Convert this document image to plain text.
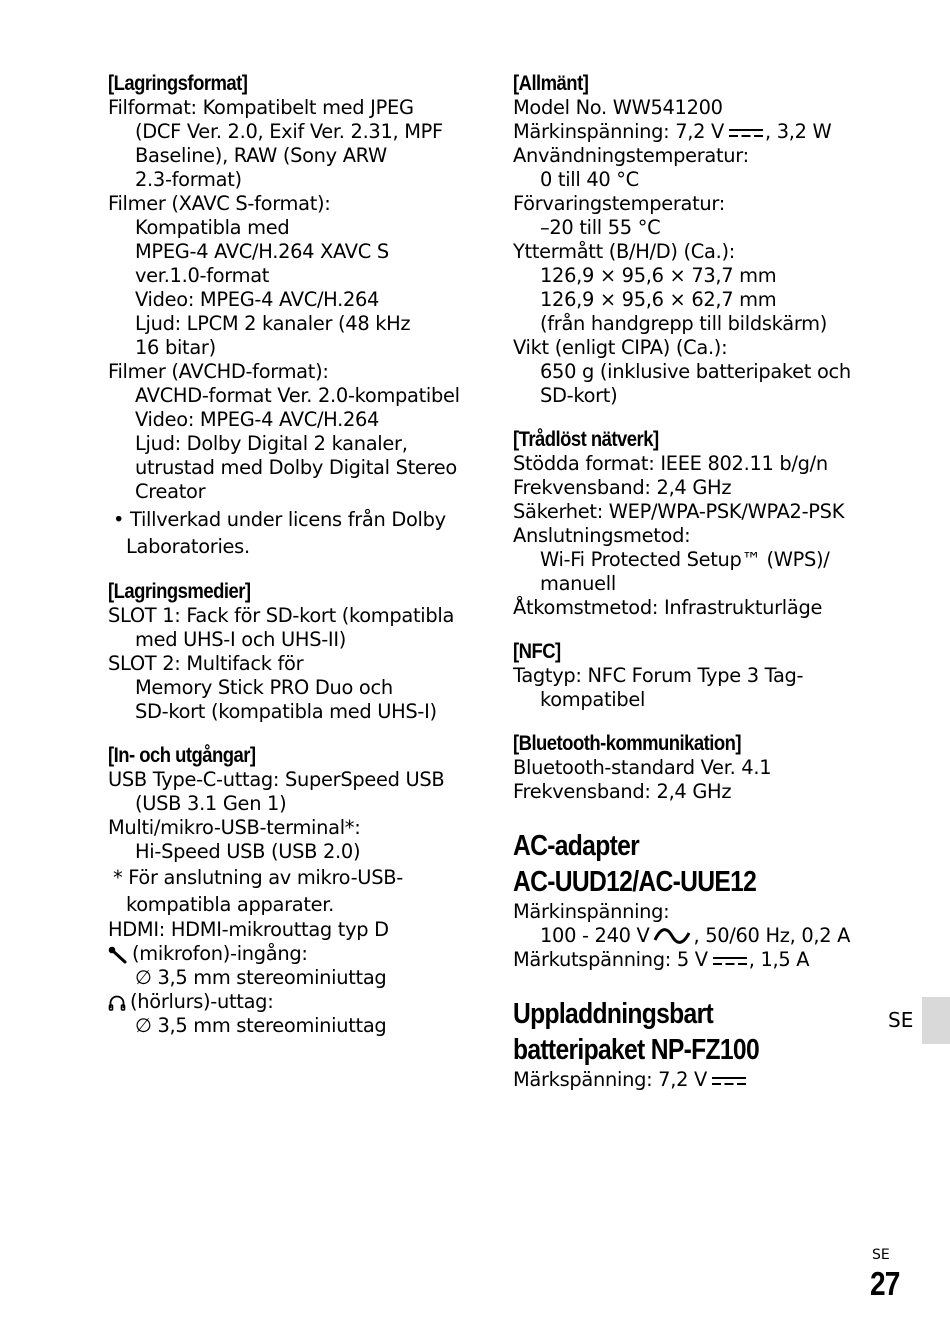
[Lagringsformat]
Filformat: Kompatibelt med JPEG
(DCF Ver. 2.0, Exif Ver. 2.31, MPF
Baseline), RAW (Sony ARW
2.3-format)
Filmer (XAVC S-format):
Kompatibla med
MPEG-4 AVC/H.264 XAVC S
ver.1.0-format
Video: MPEG-4 AVC/H.264
Ljud: LPCM 2 kanaler (48 kHz
16 bitar)
Filmer (AVCHD-format):
AVCHD-format Ver. 2.0-kompatibel
Video: MPEG-4 AVC/H.264
Ljud: Dolby Digital 2 kanaler,
utrustad med Dolby Digital Stereo
Creator
• Tillverkad under licens från Dolby
Laboratories.
[Lagringsmedier]
SLOT 1: Fack för SD-kort (kompatibla
med UHS-I och UHS-II)
SLOT 2: Multifack för
Memory Stick PRO Duo och
SD-kort (kompatibla med UHS-I)
[In- och utgångar]
USB Type-C-uttag: SuperSpeed USB
(USB 3.1 Gen 1)
Multi/mikro-USB-terminal*:
Hi-Speed USB (USB 2.0)
* För anslutning av mikro-USB-
kompatibla apparater.
HDMI: HDMI-mikrouttag typ D
(mikrofon)-ingång:
∅ 3,5 mm stereominiuttag
(hörlurs)-uttag:
∅ 3,5 mm stereominiuttag
[Allmänt]
Model No. WW541200
Märkinspänning: 7,2 V , 3,2 W
Användningstemperatur:
0 till 40 °C
Förvaringstemperatur:
–20 till 55 °C
Yttermått (B/H/D) (Ca.):
126,9 × 95,6 × 73,7 mm
126,9 × 95,6 × 62,7 mm
(från handgrepp till bildskärm)
Vikt (enligt CIPA) (Ca.):
650 g (inklusive batteripaket och
SD-kort)
[Trådlöst nätverk]
Stödda format: IEEE 802.11 b/g/n
Frekvensband: 2,4 GHz
Säkerhet: WEP/WPA-PSK/WPA2-PSK
Anslutningsmetod:
Wi-Fi Protected Setup™ (WPS)/
manuell
Åtkomstmetod: Infrastrukturläge
[NFC]
Tagtyp: NFC Forum Type 3 Tag-
kompatibel
[Bluetooth-kommunikation]
Bluetooth-standard Ver. 4.1
Frekvensband: 2,4 GHz
AC-adapter
AC-UUD12/AC-UUE12
Märkinspänning:
100 - 240 V , 50/60 Hz, 0,2 A
Märkutspänning: 5 V , 1,5 A
Uppladdningsbart
batteripaket NP-FZ100
Märkspänning: 7,2 V
SE
SE
27
